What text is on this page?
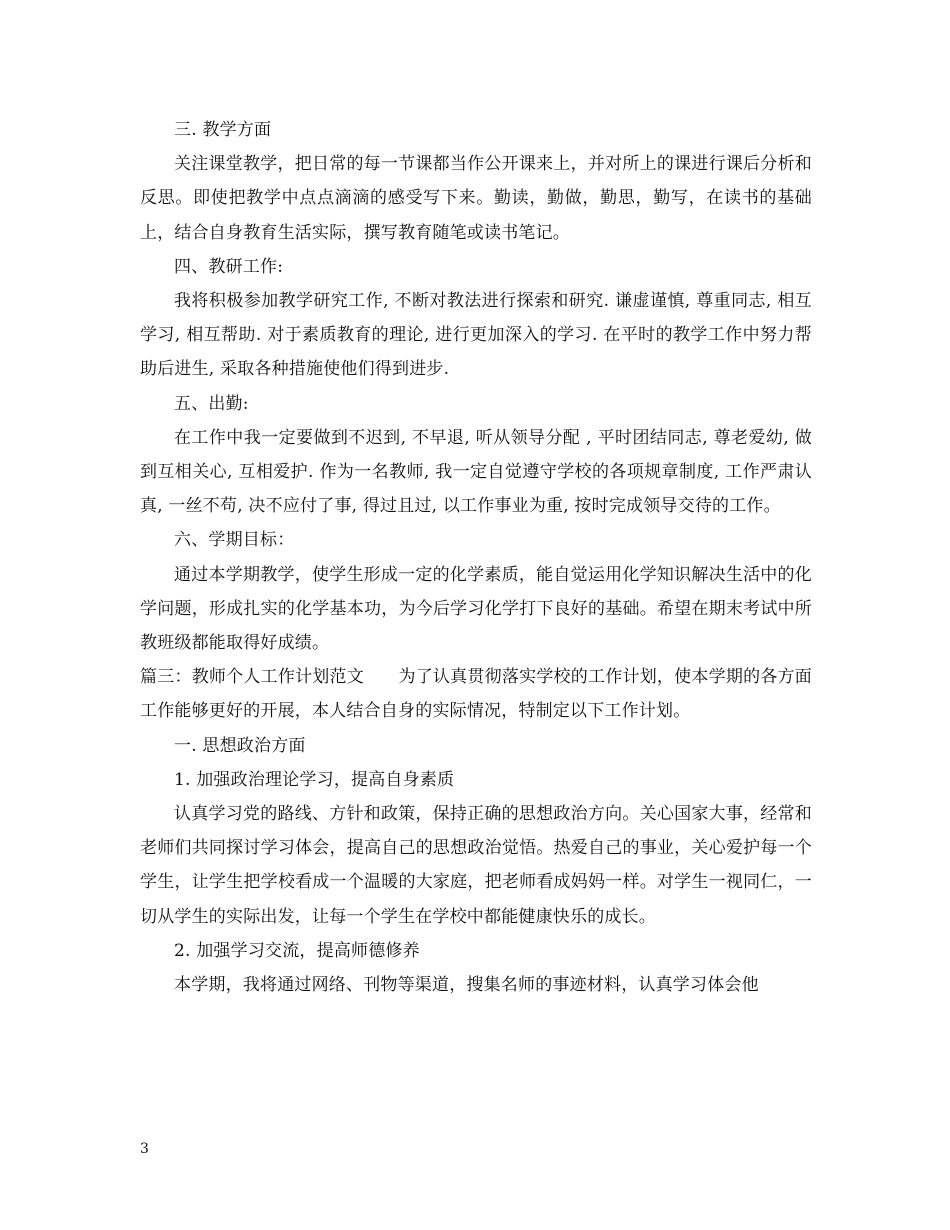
三. 教学方面

关注课堂教学，把日常的每一节课都当作公开课来上，并对所上的课进行课后分析和反思。即使把教学中点点滴滴的感受写下来。勤读，勤做，勤思，勤写，在读书的基础上，结合自身教育生活实际，撰写教育随笔或读书笔记。

四、教研工作:

我将积极参加教学研究工作, 不断对教法进行探索和研究. 谦虚谨慎, 尊重同志, 相互学习, 相互帮助. 对于素质教育的理论, 进行更加深入的学习. 在平时的教学工作中努力帮助后进生, 采取各种措施使他们得到进步.

五、出勤:

在工作中我一定要做到不迟到, 不早退, 听从领导分配 , 平时团结同志, 尊老爱幼, 做到互相关心, 互相爱护. 作为一名教师, 我一定自觉遵守学校的各项规章制度, 工作严肃认真, 一丝不苟, 决不应付了事, 得过且过, 以工作事业为重, 按时完成领导交待的工作。

六、学期目标：

通过本学期教学，使学生形成一定的化学素质，能自觉运用化学知识解决生活中的化学问题，形成扎实的化学基本功，为今后学习化学打下良好的基础。希望在期末考试中所教班级都能取得好成绩。

篇三：教师个人工作计划范文　　为了认真贯彻落实学校的工作计划，使本学期的各方面工作能够更好的开展，本人结合自身的实际情况，特制定以下工作计划。

一. 思想政治方面

1. 加强政治理论学习，提高自身素质

认真学习党的路线、方针和政策，保持正确的思想政治方向。关心国家大事，经常和老师们共同探讨学习体会，提高自己的思想政治觉悟。热爱自己的事业，关心爱护每一个学生，让学生把学校看成一个温暖的大家庭，把老师看成妈妈一样。对学生一视同仁，一切从学生的实际出发，让每一个学生在学校中都能健康快乐的成长。

2. 加强学习交流，提高师德修养

本学期，我将通过网络、刊物等渠道，搜集名师的事迹材料，认真学习体会他

3
